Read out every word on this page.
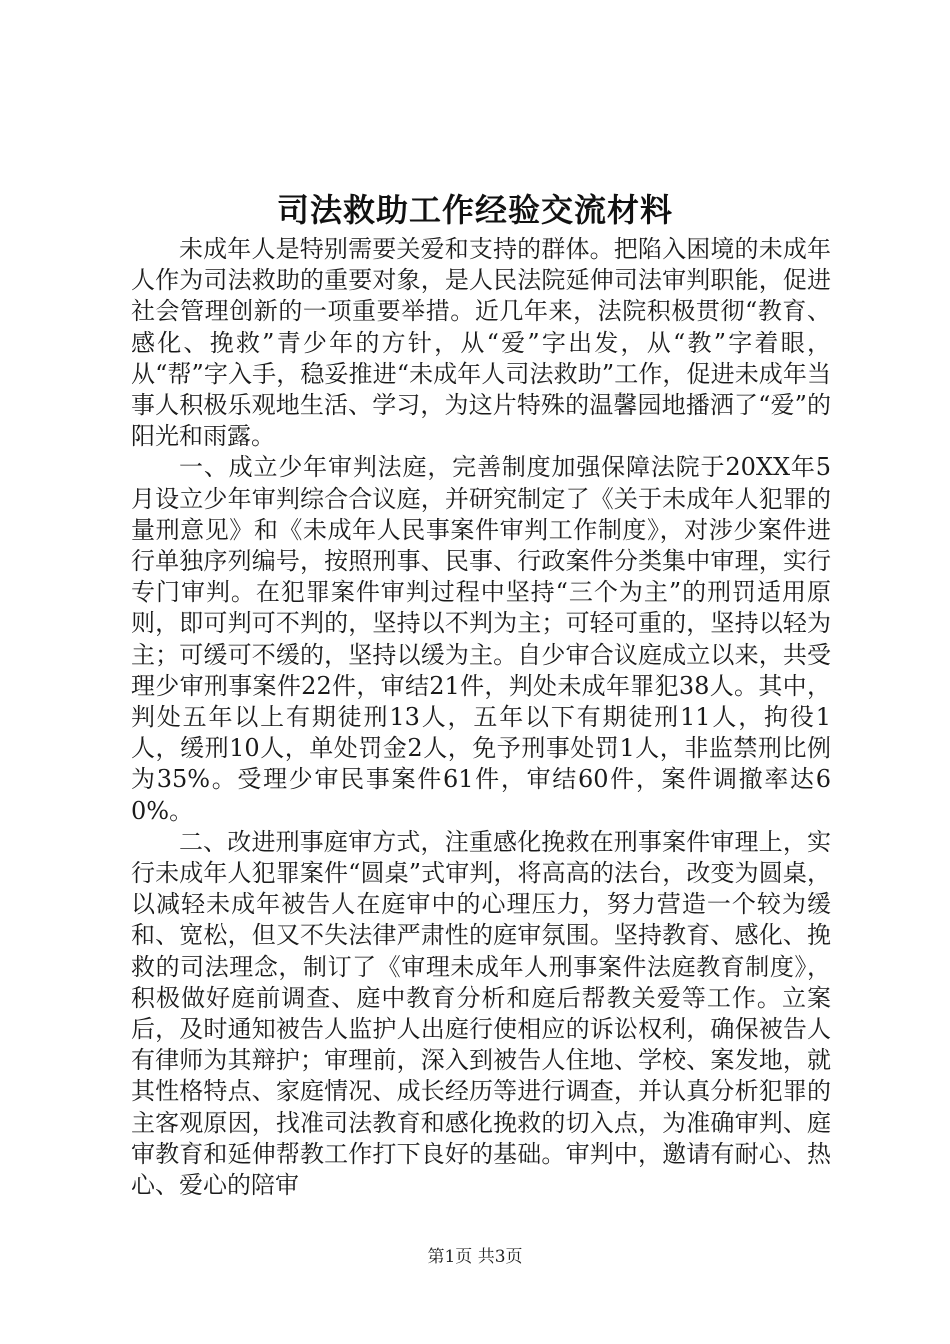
司法救助工作经验交流材料

未成年人是特别需要关爱和支持的群体。把陷入困境的未成年人作为司法救助的重要对象，是人民法院延伸司法审判职能，促进社会管理创新的一项重要举措。近几年来，法院积极贯彻“教育、感化、挽救”青少年的方针，从“爱”字出发，从“教”字着眼，从“帮”字入手，稳妥推进“未成年人司法救助”工作，促进未成年当事人积极乐观地生活、学习，为这片特殊的温馨园地播洒了“爱”的阳光和雨露。

一、成立少年审判法庭，完善制度加强保障法院于20XX年5月设立少年审判综合合议庭，并研究制定了《关于未成年人犯罪的量刑意见》和《未成年人民事案件审判工作制度》，对涉少案件进行单独序列编号，按照刑事、民事、行政案件分类集中审理，实行专门审判。在犯罪案件审判过程中坚持“三个为主”的刑罚适用原则，即可判可不判的，坚持以不判为主；可轻可重的，坚持以轻为主；可缓可不缓的，坚持以缓为主。自少审合议庭成立以来，共受理少审刑事案件22件，审结21件，判处未成年罪犯38人。其中，判处五年以上有期徒刑13人，五年以下有期徒刑11人，拘役1人，缓刑10人，单处罚金2人，免予刑事处罚1人，非监禁刑比例为35%。受理少审民事案件61件，审结60件，案件调撤率达60%。

二、改进刑事庭审方式，注重感化挽救在刑事案件审理上，实行未成年人犯罪案件“圆桌”式审判，将高高的法台，改变为圆桌，以减轻未成年被告人在庭审中的心理压力，努力营造一个较为缓和、宽松，但又不失法律严肃性的庭审氛围。坚持教育、感化、挽救的司法理念，制订了《审理未成年人刑事案件法庭教育制度》，积极做好庭前调查、庭中教育分析和庭后帮教关爱等工作。立案后，及时通知被告人监护人出庭行使相应的诉讼权利，确保被告人有律师为其辩护；审理前，深入到被告人住地、学校、案发地，就其性格特点、家庭情况、成长经历等进行调查，并认真分析犯罪的主客观原因，找准司法教育和感化挽救的切入点，为准确审判、庭审教育和延伸帮教工作打下良好的基础。审判中，邀请有耐心、热心、爱心的陪审

第1页 共3页
